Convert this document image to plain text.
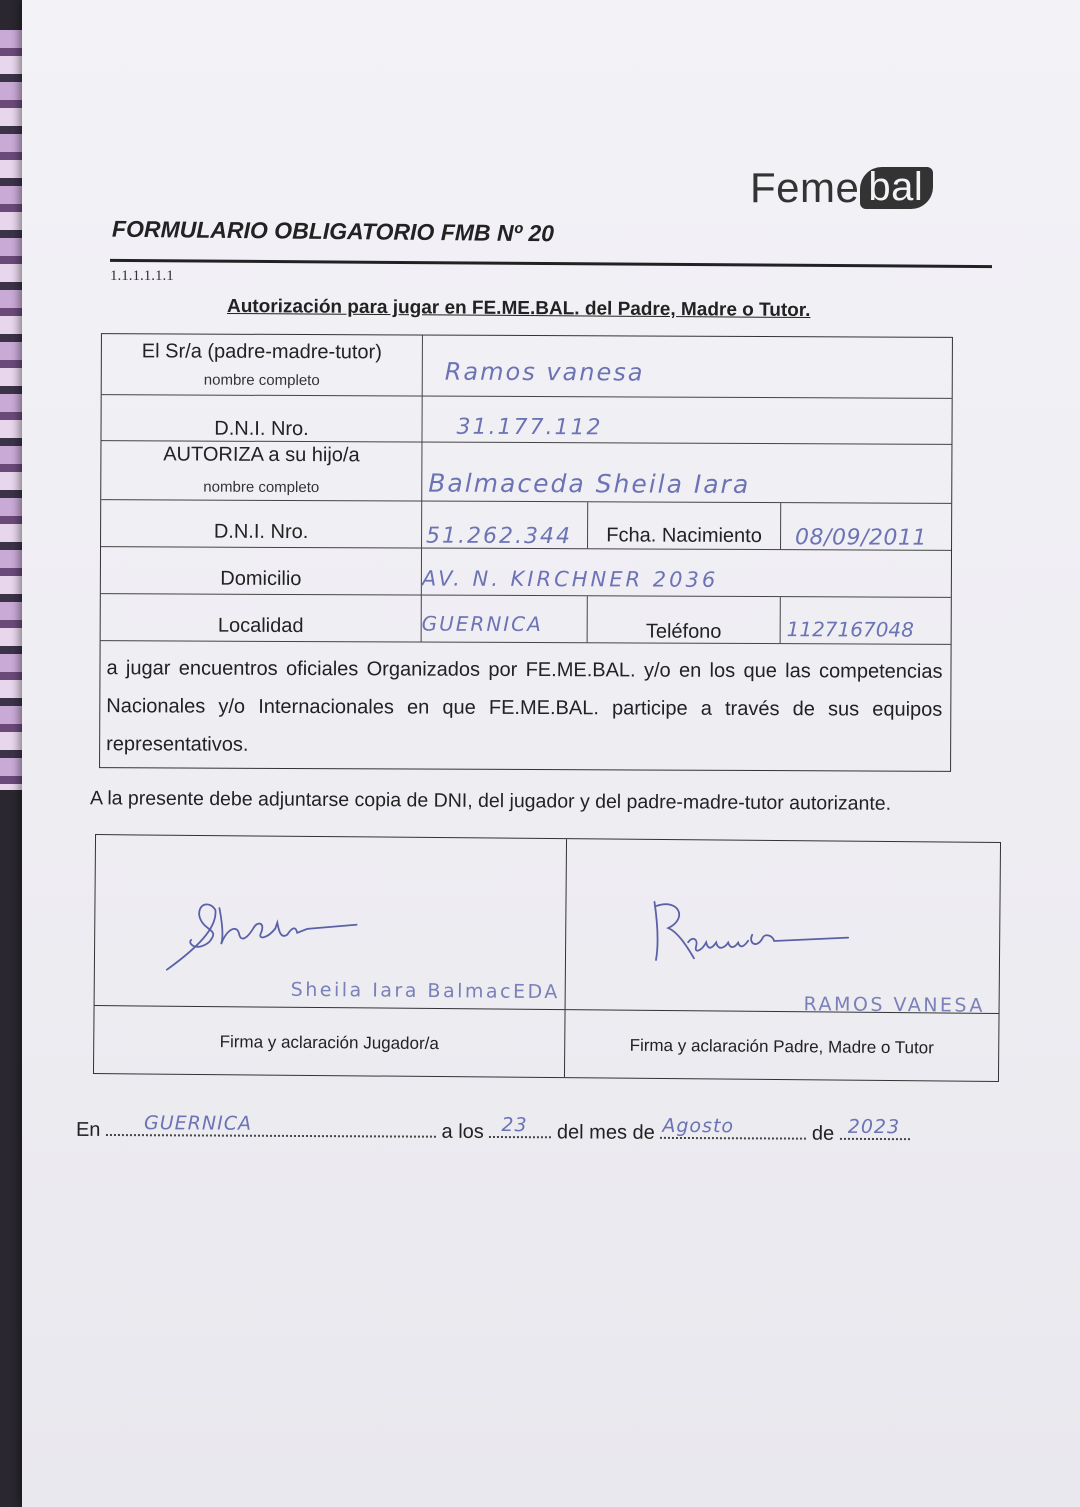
Feme bal
FORMULARIO OBLIGATORIO FMB Nº 20
1.1.1.1.1.1
Autorización para jugar en FE.ME.BAL. del Padre, Madre o Tutor.
El Sr/a (padre-madre-tutor)
nombre completo	Ramos vanesa
D.N.I. Nro.	31.177.112
AUTORIZA a su hijo/a
nombre completo	Balmaceda Sheila Iara
D.N.I. Nro.	51.262.344	Fcha. Nacimiento	08/09/2011
Domicilio	AV. N. KIRCHNER 2036
Localidad	GUERNICA	Teléfono	1127167048
a jugar encuentros oficiales Organizados por FE.ME.BAL. y/o en los que las competencias Nacionales y/o Internacionales en que FE.ME.BAL. participe a través de sus equipos representativos.
A la presente debe adjuntarse copia de DNI, del jugador y del padre-madre-tutor autorizante.
Sheila Iara BalmacEDA
Firma y aclaración Jugador/a
RAMOS VANESA
Firma y aclaración Padre, Madre o Tutor
En GUERNICA	a los 23 del mes de Agosto	de 2023
